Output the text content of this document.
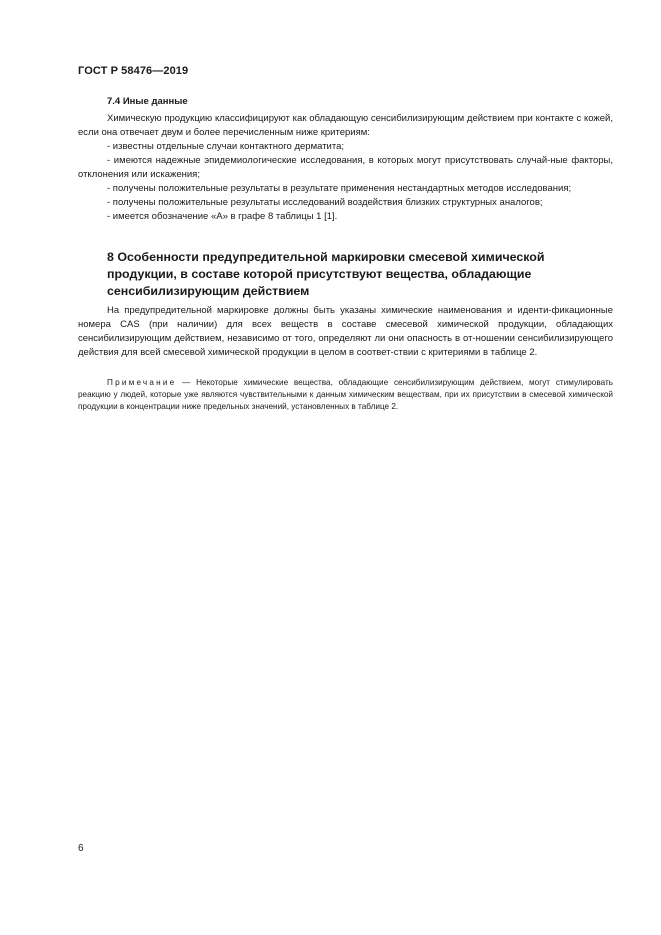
ГОСТ Р 58476—2019
7.4 Иные данные

Химическую продукцию классифицируют как обладающую сенсибилизирующим действием при контакте с кожей, если она отвечает двум и более перечисленным ниже критериям:

- известны отдельные случаи контактного дерматита;

- имеются надежные эпидемиологические исследования, в которых могут присутствовать случай-ные факторы, отклонения или искажения;

- получены положительные результаты в результате применения нестандартных методов исследования;

- получены положительные результаты исследований воздействия близких структурных аналогов;

- имеется обозначение «А» в графе 8 таблицы 1 [1].

8 Особенности предупредительной маркировки смесевой химической продукции, в составе которой присутствуют вещества, обладающие сенсибилизирующим действием

На предупредительной маркировке должны быть указаны химические наименования и иденти-фикационные номера CAS (при наличии) для всех веществ в составе смесевой химической продукции, обладающих сенсибилизирующим действием, независимо от того, определяют ли они опасность в от-ношении сенсибилизирующего действия для всей смесевой химической продукции в целом в соответ-ствии с критериями в таблице 2.

Примечание — Некоторые химические вещества, обладающие сенсибилизирующим действием, могут стимулировать реакцию у людей, которые уже являются чувствительными к данным химическим веществам, при их присутствии в смесевой химической продукции в концентрации ниже предельных значений, установленных в таблице 2.
6
